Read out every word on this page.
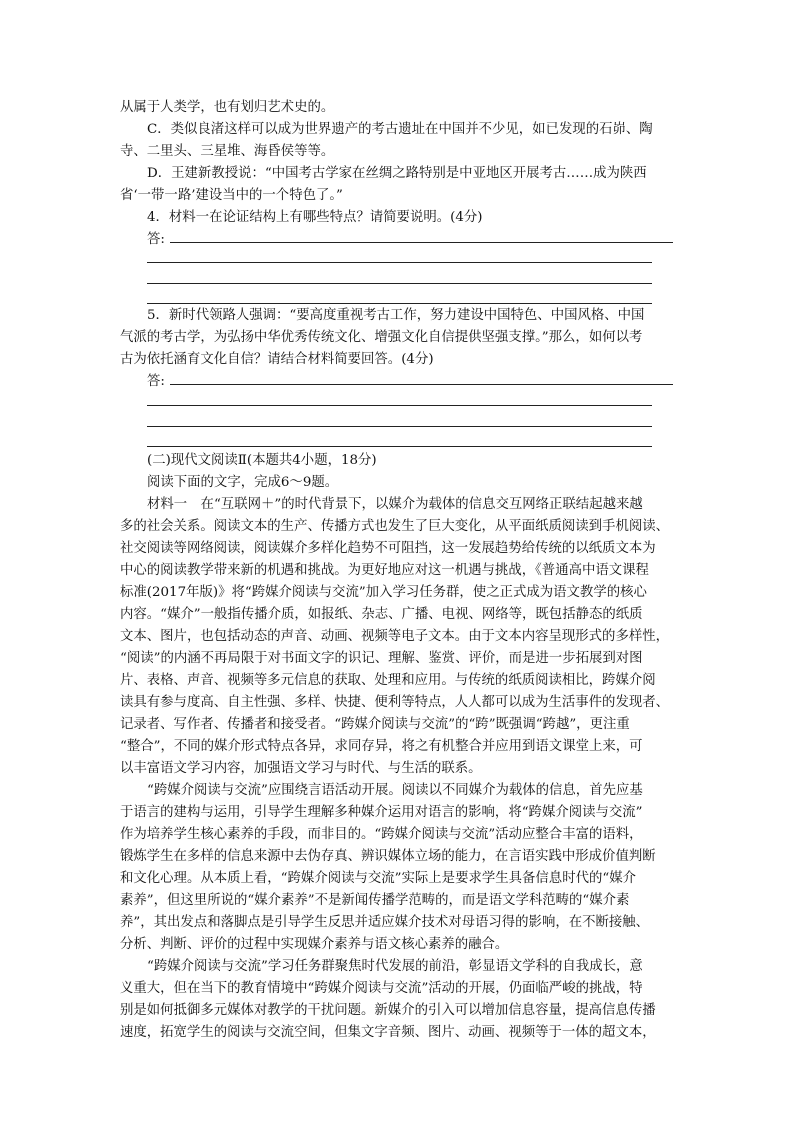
从属于人类学，也有划归艺术史的。
C．类似良渚这样可以成为世界遗产的考古遗址在中国并不少见，如已发现的石峁、陶
寺、二里头、三星堆、海昏侯等等。
D．王建新教授说：“中国考古学家在丝绸之路特别是中亚地区开展考古……成为陕西
省‘一带一路’建设当中的一个特色了。”
4．材料一在论证结构上有哪些特点？请简要说明。(4分)
答:
5．新时代领路人强调：“要高度重视考古工作，努力建设中国特色、中国风格、中国
气派的考古学，为弘扬中华优秀传统文化、增强文化自信提供坚强支撑。”那么，如何以考
古为依托涵育文化自信？请结合材料简要回答。(4分)
答:
(二)现代文阅读Ⅱ(本题共4小题，18分)
阅读下面的文字，完成6～9题。
材料一　在“互联网＋”的时代背景下，以媒介为载体的信息交互网络正联结起越来越
多的社会关系。阅读文本的生产、传播方式也发生了巨大变化，从平面纸质阅读到手机阅读、
社交阅读等网络阅读，阅读媒介多样化趋势不可阻挡，这一发展趋势给传统的以纸质文本为
中心的阅读教学带来新的机遇和挑战。为更好地应对这一机遇与挑战，《普通高中语文课程
标准(2017年版)》将“跨媒介阅读与交流”加入学习任务群，使之正式成为语文教学的核心
内容。“媒介”一般指传播介质，如报纸、杂志、广播、电视、网络等，既包括静态的纸质
文本、图片，也包括动态的声音、动画、视频等电子文本。由于文本内容呈现形式的多样性，
“阅读”的内涵不再局限于对书面文字的识记、理解、鉴赏、评价，而是进一步拓展到对图
片、表格、声音、视频等多元信息的获取、处理和应用。与传统的纸质阅读相比，跨媒介阅
读具有参与度高、自主性强、多样、快捷、便利等特点，人人都可以成为生活事件的发现者、
记录者、写作者、传播者和接受者。“跨媒介阅读与交流”的“跨”既强调“跨越”，更注重
“整合”，不同的媒介形式特点各异，求同存异，将之有机整合并应用到语文课堂上来，可
以丰富语文学习内容，加强语文学习与时代、与生活的联系。
“跨媒介阅读与交流”应围绕言语活动开展。阅读以不同媒介为载体的信息，首先应基
于语言的建构与运用，引导学生理解多种媒介运用对语言的影响，将“跨媒介阅读与交流”
作为培养学生核心素养的手段，而非目的。“跨媒介阅读与交流”活动应整合丰富的语料，
锻炼学生在多样的信息来源中去伪存真、辨识媒体立场的能力，在言语实践中形成价值判断
和文化心理。从本质上看，“跨媒介阅读与交流”实际上是要求学生具备信息时代的“媒介
素养”，但这里所说的“媒介素养”不是新闻传播学范畴的，而是语文学科范畴的“媒介素
养”，其出发点和落脚点是引导学生反思并适应媒介技术对母语习得的影响，在不断接触、
分析、判断、评价的过程中实现媒介素养与语文核心素养的融合。
“跨媒介阅读与交流”学习任务群聚焦时代发展的前沿，彰显语文学科的自我成长，意
义重大，但在当下的教育情境中“跨媒介阅读与交流”活动的开展，仍面临严峻的挑战，特
别是如何抵御多元媒体对教学的干扰问题。新媒介的引入可以增加信息容量，提高信息传播
速度，拓宽学生的阅读与交流空间，但集文字音频、图片、动画、视频等于一体的超文本，
